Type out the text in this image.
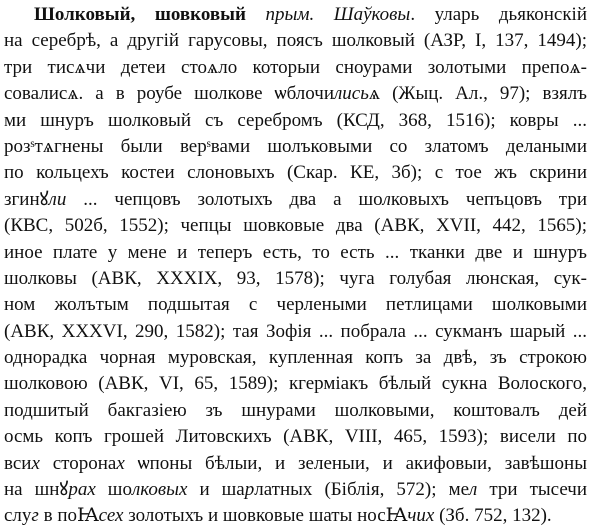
Шолковый, шовковый прым. Шаўковы. уларь дьяконскій
на серебрѣ, а другій гарусовы, поясъ шолковый (АЗР, I, 137, 1494);
три тисѧчи детеи стоѧло которыи сноурами золотыми препоѧ-
совалисѧ. а в роубе шолкове ѡблочилисьѧ (Жыц. Ал., 97); взялъ
ми шнуръ шолковый съ серебромъ (КСД, 368, 1516); ковры ...
розˢтѧгнены были верˢвами шолъковыми со златомъ делаными
по кольцехъ костеи слоновыхъ (Скар. КЕ, 3б); с тое жъ скрини
згинꙋли ... чепцовъ золотыхъ два а шолковыхъ чепъцовъ три
(КВС, 502б, 1552); чепцы шовковые два (АВК, XVII, 442, 1565);
иное плате у мене и теперъ есть, то есть ... тканки две и шнуръ
шолковы (АВК, XXXIX, 93, 1578); чуга голубая люнская, сук-
ном жолътым подшытая с черлеными петлицами шолковыми
(АВК, XXXVI, 290, 1582); тая Зофія ... побрала ... сукманъ шарый ...
однорадка чорная муровская, купленная копъ за двѣ, зъ строкою
шолковою (АВК, VI, 65, 1589); кгерміакъ бѣлый сукна Волоского,
подшитый бакгазіею зъ шнурами шолковыми, коштовалъ дей
осмь копъ грошей Литовскихъ (АВК, VIII, 465, 1593); висели по
всих сторонах ѡпоны бѣлыи, и зеленыи, и акифовыи, завѣшоны
на шнꙋрах шолковых и шарлатных (Біблія, 572); мел три тысечи
слуг в поꙖсех золотыхъ и шовковые шаты носꙖчих (Зб. 752, 132).
